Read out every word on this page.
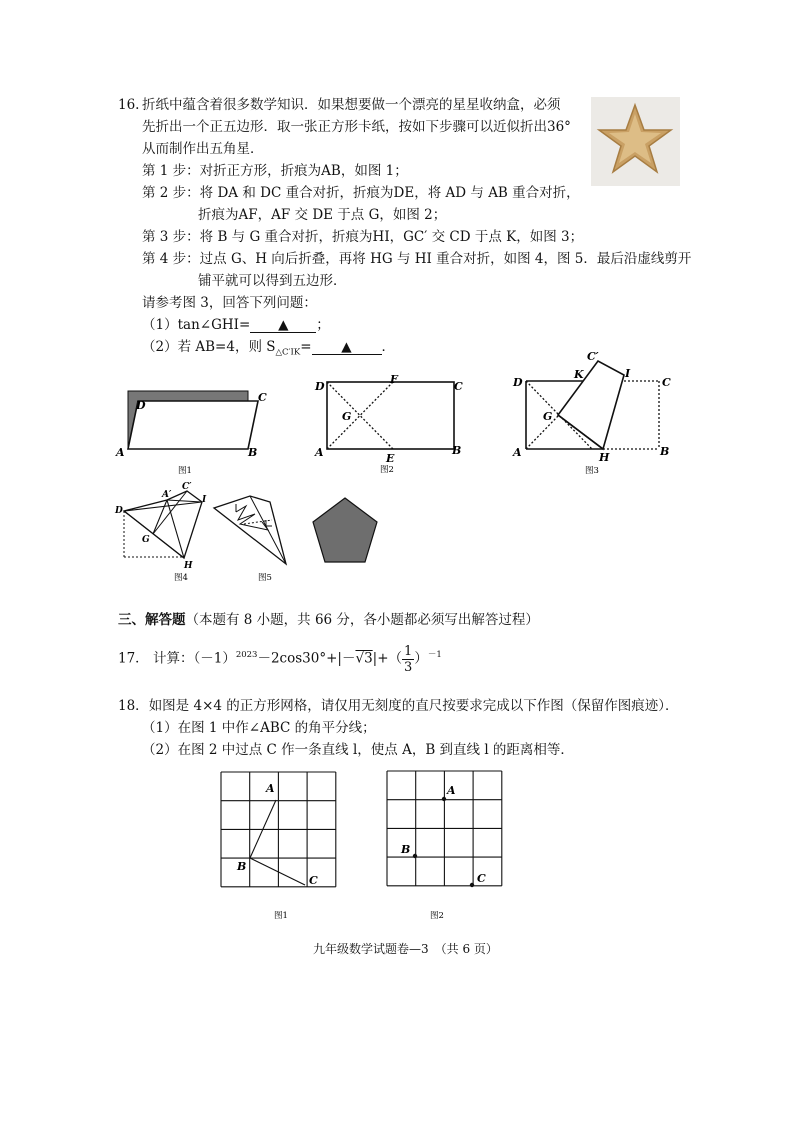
16. 折纸中蕴含着很多数学知识．如果想要做一个漂亮的星星收纳盒，必须
先折出一个正五边形．取一张正方形卡纸，按如下步骤可以近似折出36°
从而制作出五角星．
第 1 步：对折正方形，折痕为AB，如图 1；
第 2 步：将 DA 和 DC 重合对折，折痕为DE，将 AD 与 AB 重合对折，
折痕为AF，AF 交 DE 于点 G，如图 2；
第 3 步：将 B 与 G 重合对折，折痕为HI，GC′ 交 CD 于点 K，如图 3；
第 4 步：过点 G、H 向后折叠，再将 HG 与 HI 重合对折，如图 4，图 5．最后沿虚线剪开
铺平就可以得到五边形．
请参考图 3，回答下列问题：
（1）tan∠GHI= ▲ ；
（2）若 AB=4，则 $S_{\triangle C'IK}=$ ▲ ．
D
C
A	B
图1
D
F
C
G
A	E
B
图2
C′
K	I
D	C
G
A	H	B
图3
A′
C′
I
D
G
H
图4	图5
三、解答题（本题有 8 小题，共 66 分，各小题都必须写出解答过程）
17． 计算：$(-1)^{2023}-2\cos 30^\circ+|-√3|+( \frac{1}{3} )^{-1}$
18．如图是 4×4 的正方形网格，请仅用无刻度的直尺按要求完成以下作图（保留作图痕迹）．
（1）在图 1 中作∠ABC 的角平分线；
（2）在图 2 中过点 C 作一条直线 l，使点 A，B 到直线 l 的距离相等．
A
B
C
图1
A
B
C
图2
九年级数学试题卷—3　（共 6 页）
